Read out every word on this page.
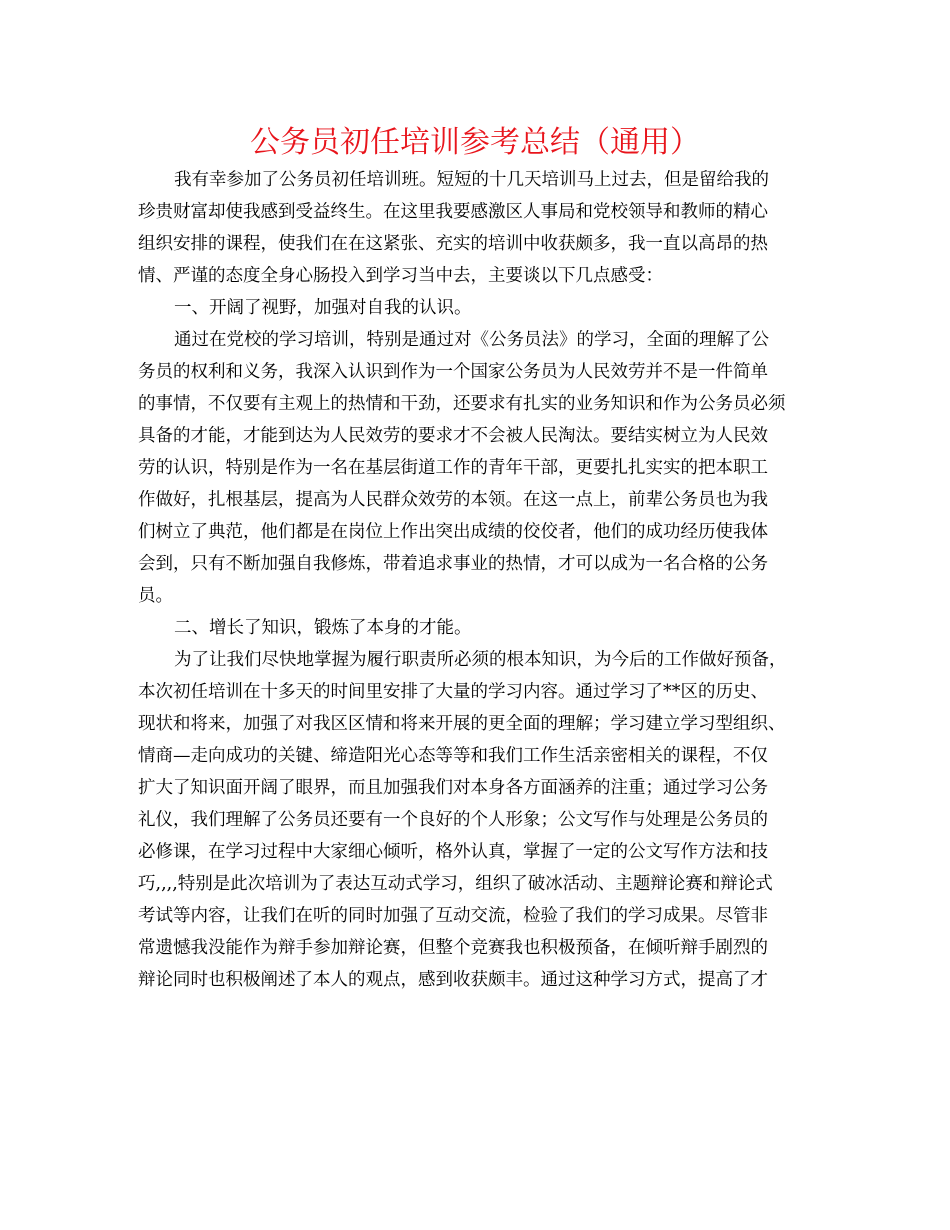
公务员初任培训参考总结（通用）
我有幸参加了公务员初任培训班。短短的十几天培训马上过去，但是留给我的
珍贵财富却使我感到受益终生。在这里我要感激区人事局和党校领导和教师的精心
组织安排的课程，使我们在在这紧张、充实的培训中收获颇多，我一直以高昂的热
情、严谨的态度全身心肠投入到学习当中去，主要谈以下几点感受：
一、开阔了视野，加强对自我的认识。
通过在党校的学习培训，特别是通过对《公务员法》的学习，全面的理解了公
务员的权利和义务，我深入认识到作为一个国家公务员为人民效劳并不是一件简单
的事情，不仅要有主观上的热情和干劲，还要求有扎实的业务知识和作为公务员必须
具备的才能，才能到达为人民效劳的要求才不会被人民淘汰。要结实树立为人民效
劳的认识，特别是作为一名在基层街道工作的青年干部，更要扎扎实实的把本职工
作做好，扎根基层，提高为人民群众效劳的本领。在这一点上，前辈公务员也为我
们树立了典范，他们都是在岗位上作出突出成绩的佼佼者，他们的成功经历使我体
会到，只有不断加强自我修炼，带着追求事业的热情，才可以成为一名合格的公务
员。
二、增长了知识，锻炼了本身的才能。
为了让我们尽快地掌握为履行职责所必须的根本知识，为今后的工作做好预备，
本次初任培训在十多天的时间里安排了大量的学习内容。通过学习了**区的历史、
现状和将来，加强了对我区区情和将来开展的更全面的理解；学习建立学习型组织、
情商—走向成功的关键、缔造阳光心态等等和我们工作生活亲密相关的课程，不仅
扩大了知识面开阔了眼界，而且加强我们对本身各方面涵养的注重；通过学习公务
礼仪，我们理解了公务员还要有一个良好的个人形象；公文写作与处理是公务员的
必修课，在学习过程中大家细心倾听，格外认真，掌握了一定的公文写作方法和技
巧,,,,特别是此次培训为了表达互动式学习，组织了破冰活动、主题辩论赛和辩论式
考试等内容，让我们在听的同时加强了互动交流，检验了我们的学习成果。尽管非
常遗憾我没能作为辩手参加辩论赛，但整个竞赛我也积极预备，在倾听辩手剧烈的
辩论同时也积极阐述了本人的观点，感到收获颇丰。通过这种学习方式，提高了才
